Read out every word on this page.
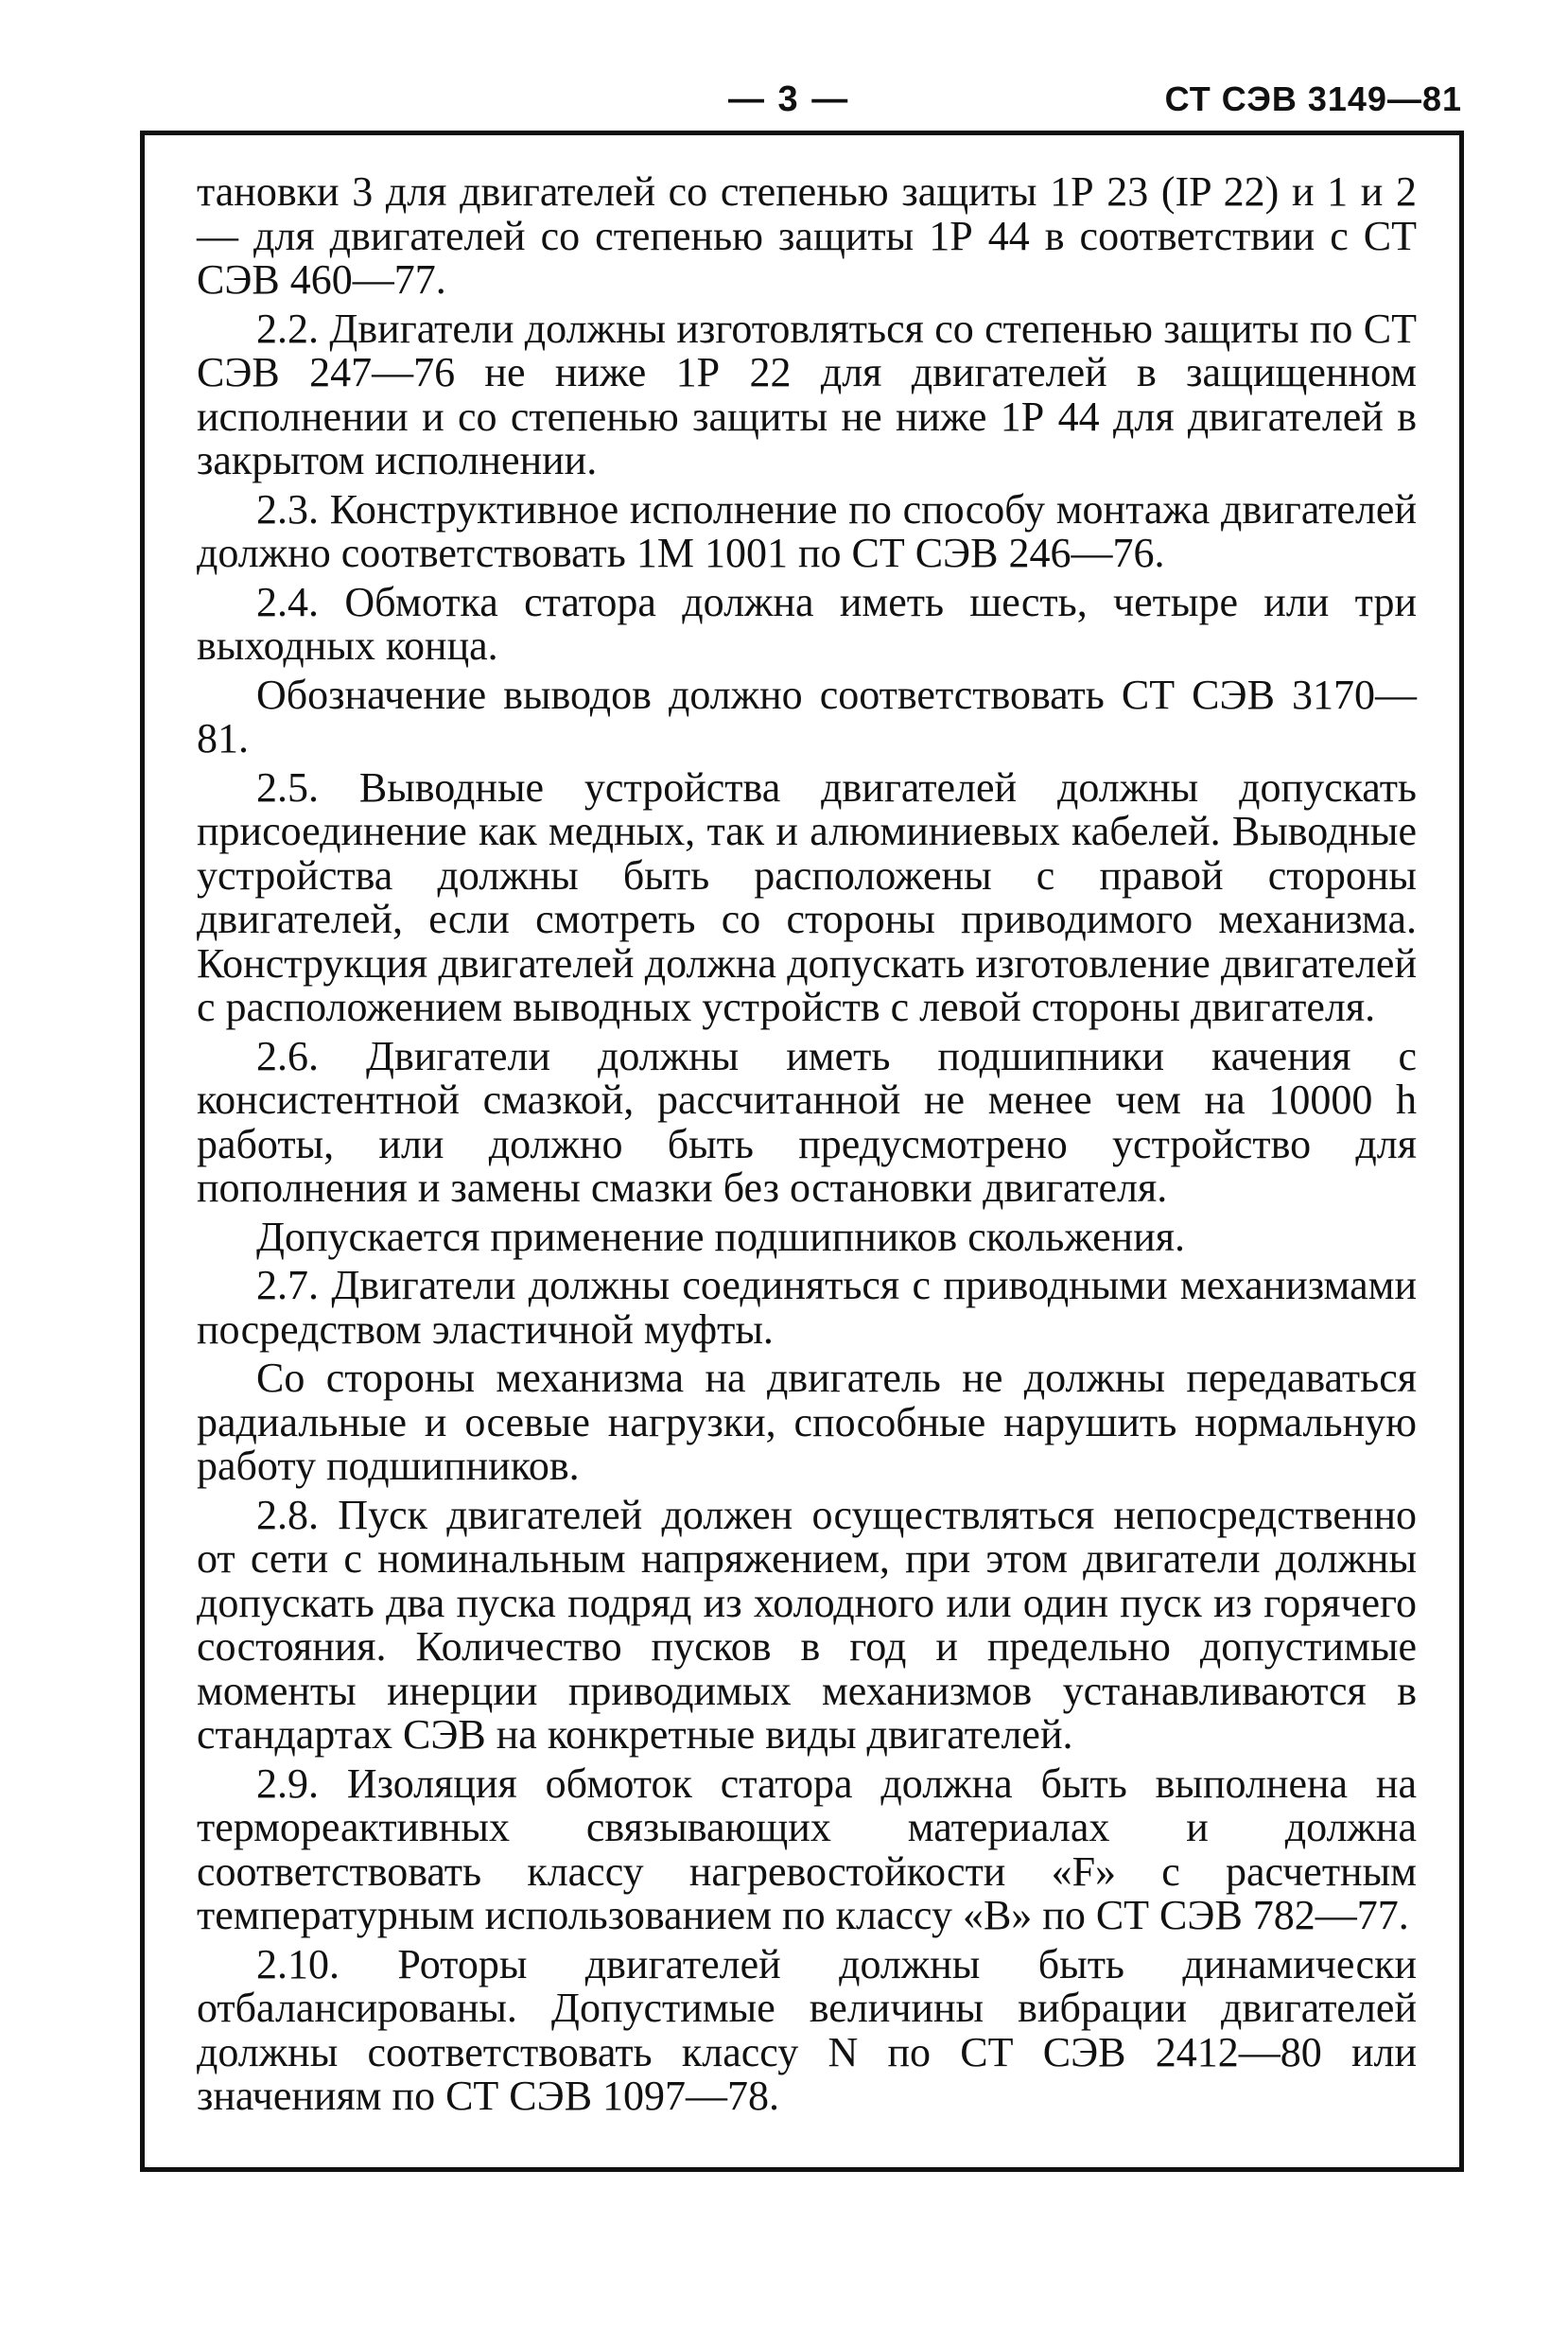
— 3 —	СТ СЭВ 3149—81

тановки 3 для двигателей со степенью защиты 1Р 23 (IP 22) и 1 и 2 — для двигателей со степенью защиты 1Р 44 в соответствии с СТ СЭВ 460—77.

2.2. Двигатели должны изготовляться со степенью защиты по СТ СЭВ 247—76 не ниже 1Р 22 для двигателей в защищенном исполнении и со степенью защиты не ниже 1Р 44 для двигателей в закрытом исполнении.

2.3. Конструктивное исполнение по способу монтажа двигателей должно соответствовать 1М 1001 по СТ СЭВ 246—76.

2.4. Обмотка статора должна иметь шесть, четыре или три выходных конца.

Обозначение выводов должно соответствовать СТ СЭВ 3170—81.

2.5. Выводные устройства двигателей должны допускать присоединение как медных, так и алюминиевых кабелей. Выводные устройства должны быть расположены с правой стороны двигателей, если смотреть со стороны приводимого механизма. Конструкция двигателей должна допускать изготовление двигателей с расположением выводных устройств с левой стороны двигателя.

2.6. Двигатели должны иметь подшипники качения с консистентной смазкой, рассчитанной не менее чем на 10000 h работы, или должно быть предусмотрено устройство для пополнения и замены смазки без остановки двигателя.

Допускается применение подшипников скольжения.

2.7. Двигатели должны соединяться с приводными механизмами посредством эластичной муфты.

Со стороны механизма на двигатель не должны передаваться радиальные и осевые нагрузки, способные нарушить нормальную работу подшипников.

2.8. Пуск двигателей должен осуществляться непосредственно от сети с номинальным напряжением, при этом двигатели должны допускать два пуска подряд из холодного или один пуск из горячего состояния. Количество пусков в год и предельно допустимые моменты инерции приводимых механизмов устанавливаются в стандартах СЭВ на конкретные виды двигателей.

2.9. Изоляция обмоток статора должна быть выполнена на термореактивных связывающих материалах и должна соответствовать классу нагревостойкости «F» с расчетным температурным использованием по классу «В» по СТ СЭВ 782—77.

2.10. Роторы двигателей должны быть динамически отбалансированы. Допустимые величины вибрации двигателей должны соответствовать классу N по СТ СЭВ 2412—80 или значениям по СТ СЭВ 1097—78.
